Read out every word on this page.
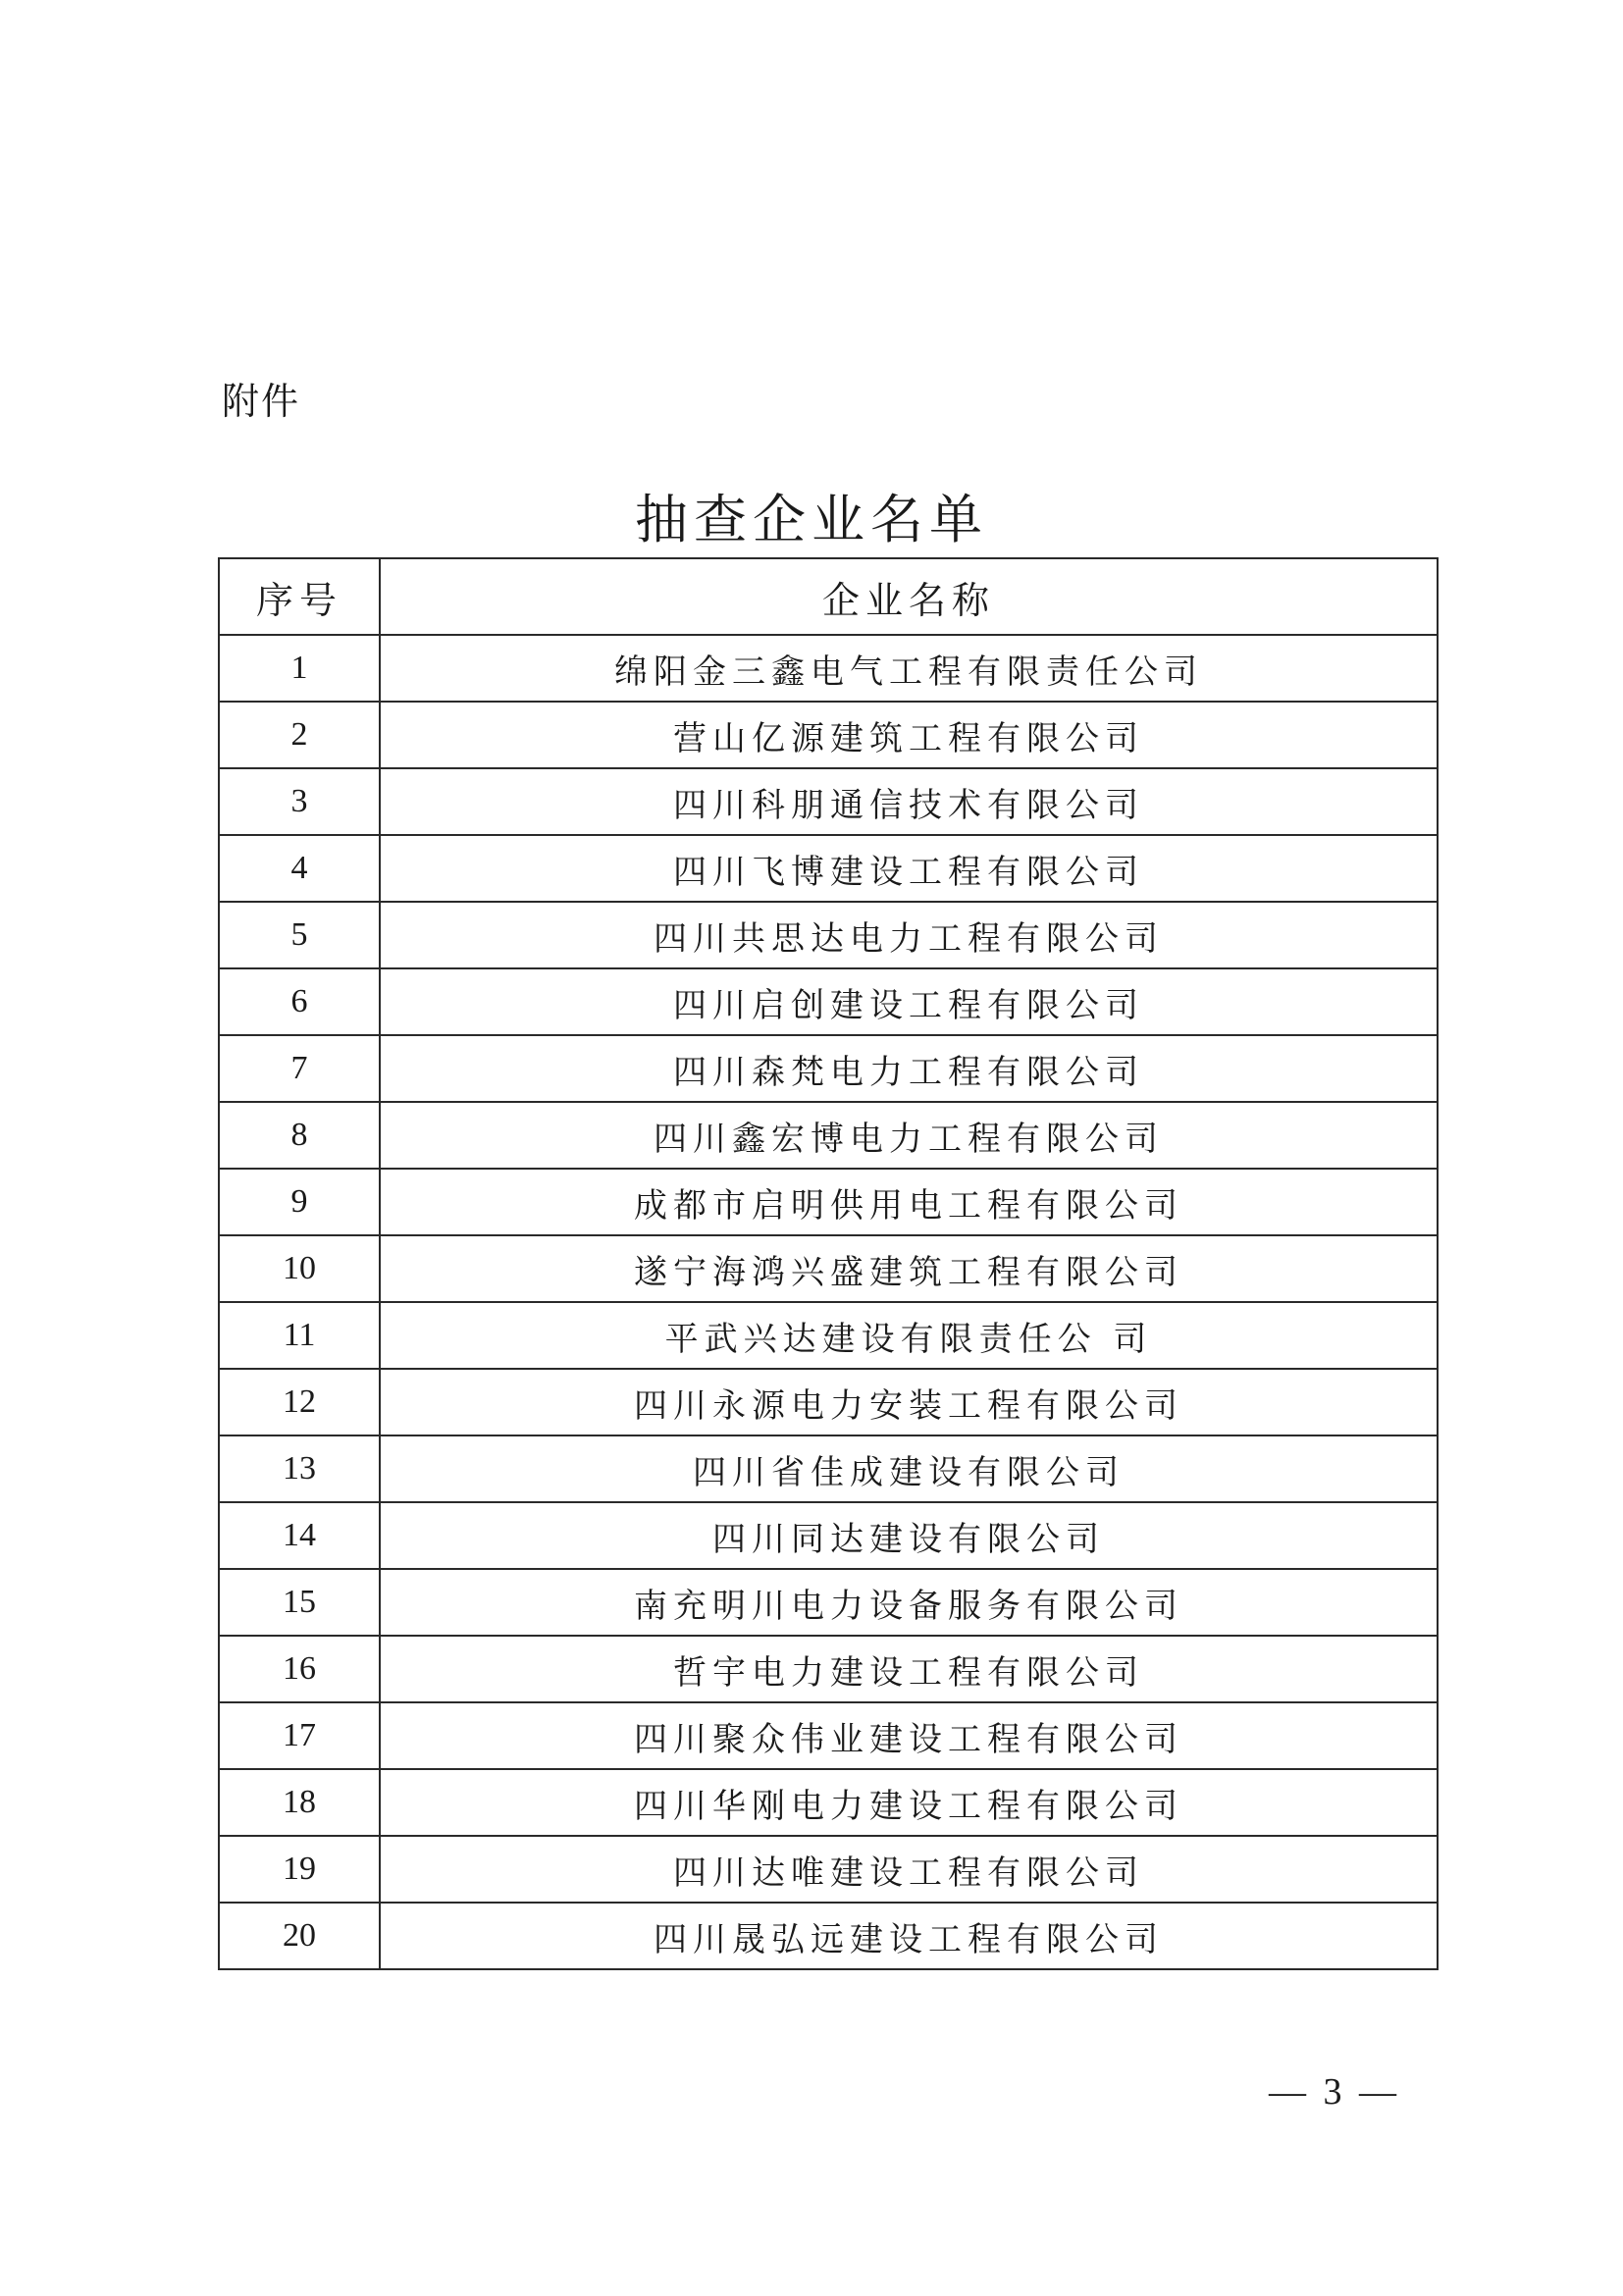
附件
抽查企业名单
序号	企业名称
1	绵阳金三鑫电气工程有限责任公司
2	营山亿源建筑工程有限公司
3	四川科朋通信技术有限公司
4	四川飞博建设工程有限公司
5	四川共思达电力工程有限公司
6	四川启创建设工程有限公司
7	四川森梵电力工程有限公司
8	四川鑫宏博电力工程有限公司
9	成都市启明供用电工程有限公司
10	遂宁海鸿兴盛建筑工程有限公司
11	平武兴达建设有限责任公 司
12	四川永源电力安装工程有限公司
13	四川省佳成建设有限公司
14	四川同达建设有限公司
15	南充明川电力设备服务有限公司
16	哲宇电力建设工程有限公司
17	四川聚众伟业建设工程有限公司
18	四川华刚电力建设工程有限公司
19	四川达唯建设工程有限公司
20	四川晟弘远建设工程有限公司
— 3 —
